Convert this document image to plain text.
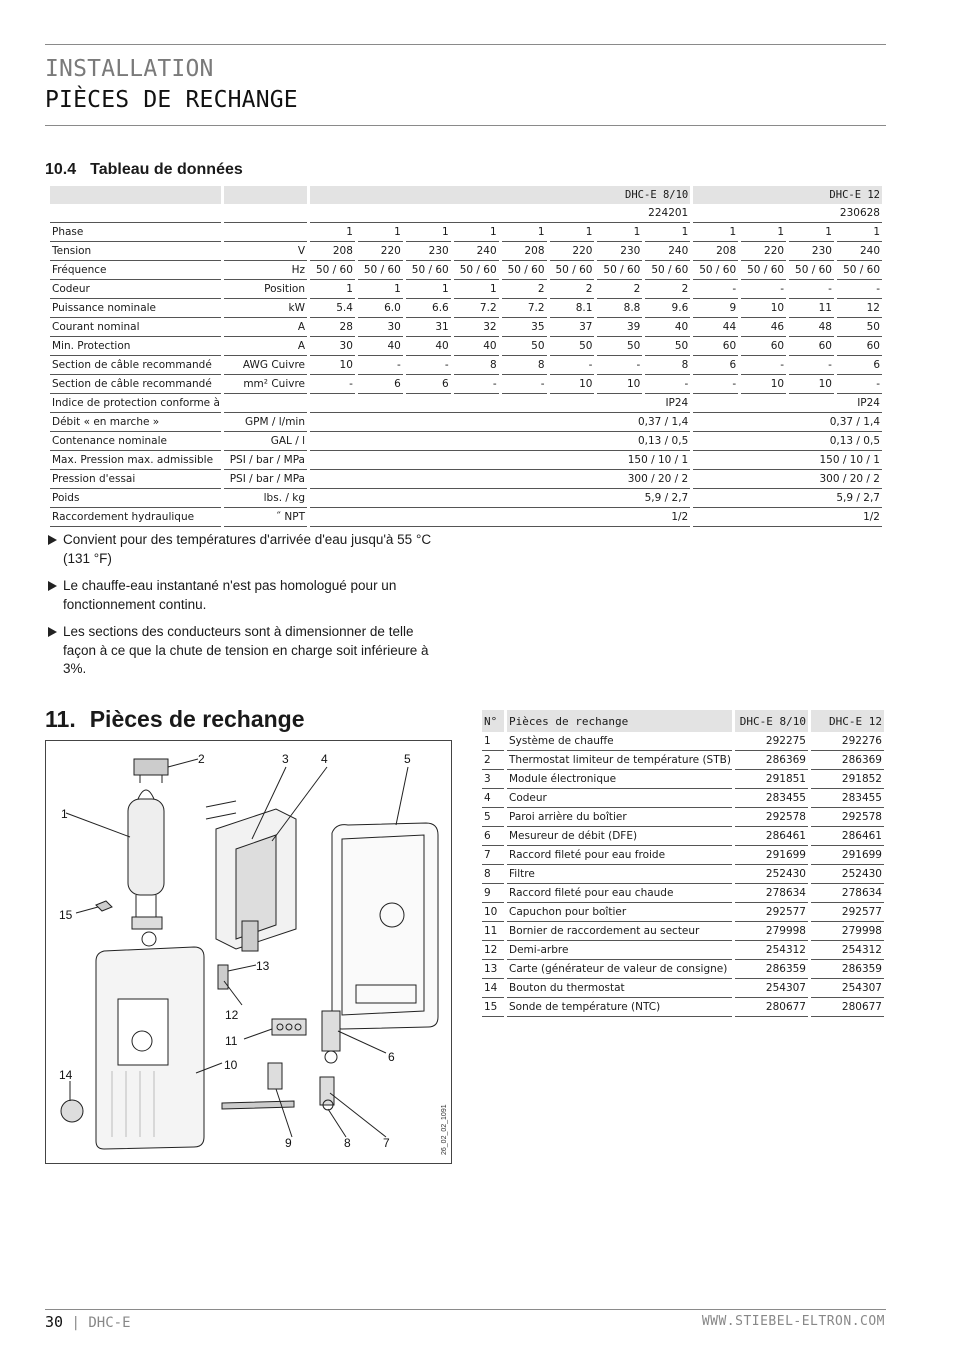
INSTALLATION
PIÈCES DE RECHANGE
10.4 Tableau de données
		DHC-E 8/10								DHC-E 12			
		224201								230628			
Phase		1	1	1	1	1	1	1	1	1	1	1	1
Tension	V	208	220	230	240	208	220	230	240	208	220	230	240
Fréquence	Hz	50 / 60	50 / 60	50 / 60	50 / 60	50 / 60	50 / 60	50 / 60	50 / 60	50 / 60	50 / 60	50 / 60	50 / 60
Codeur	Position	1	1	1	1	2	2	2	2	-	-	-	-
Puissance nominale	kW	5.4	6.0	6.6	7.2	7.2	8.1	8.8	9.6	9	10	11	12
Courant nominal	A	28	30	31	32	35	37	39	40	44	46	48	50
Min. Protection	A	30	40	40	40	50	50	50	50	60	60	60	60
Section de câble recommandé	AWG Cuivre	10	-	-	8	8	-	-	8	6	-	-	6
Section de câble recommandé	mm² Cuivre	-	6	6	-	-	10	10	-	-	10	10	-
Indice de protection conforme à		IP24								IP24			
Débit « en marche »	GPM / l/min	0,37 / 1,4								0,37 / 1,4			
Contenance nominale	GAL / l	0,13 / 0,5								0,13 / 0,5			
Max. Pression max. admissible	PSI / bar / MPa	150 / 10 / 1								150 / 10 / 1			
Pression d'essai	PSI / bar / MPa	300 / 20 / 2								300 / 20 / 2			
Poids	lbs. / kg	5,9 / 2,7								5,9 / 2,7			
Raccordement hydraulique	˝ NPT	1/2								1/2			
Convient pour des températures d'arrivée d'eau jusqu'à 55 °C (131 °F)
Le chauffe-eau instantané n'est pas homologué pour un fonctionnement continu.
Les sections des conducteurs sont à dimensionner de telle façon à ce que la chute de tension en charge soit inférieure à 3%.
11. Pièces de rechange
1
2	3	4	5
6
7
8
9
10
11
12
13
14
15
26_02_02_1091
N°	Pièces de rechange	DHC-E 8/10	DHC-E 12
1	Système de chauffe	292275	292276
2	Thermostat limiteur de température (STB)	286369	286369
3	Module électronique	291851	291852
4	Codeur	283455	283455
5	Paroi arrière du boîtier	292578	292578
6	Mesureur de débit (DFE)	286461	286461
7	Raccord fileté pour eau froide	291699	291699
8	Filtre	252430	252430
9	Raccord fileté pour eau chaude	278634	278634
10	Capuchon pour boîtier	292577	292577
11	Bornier de raccordement au secteur	279998	279998
12	Demi-arbre	254312	254312
13	Carte (générateur de valeur de consigne)	286359	286359
14	Bouton du thermostat	254307	254307
15	Sonde de température (NTC)	280677	280677
30 | DHC-E	WWW.STIEBEL-ELTRON.COM
